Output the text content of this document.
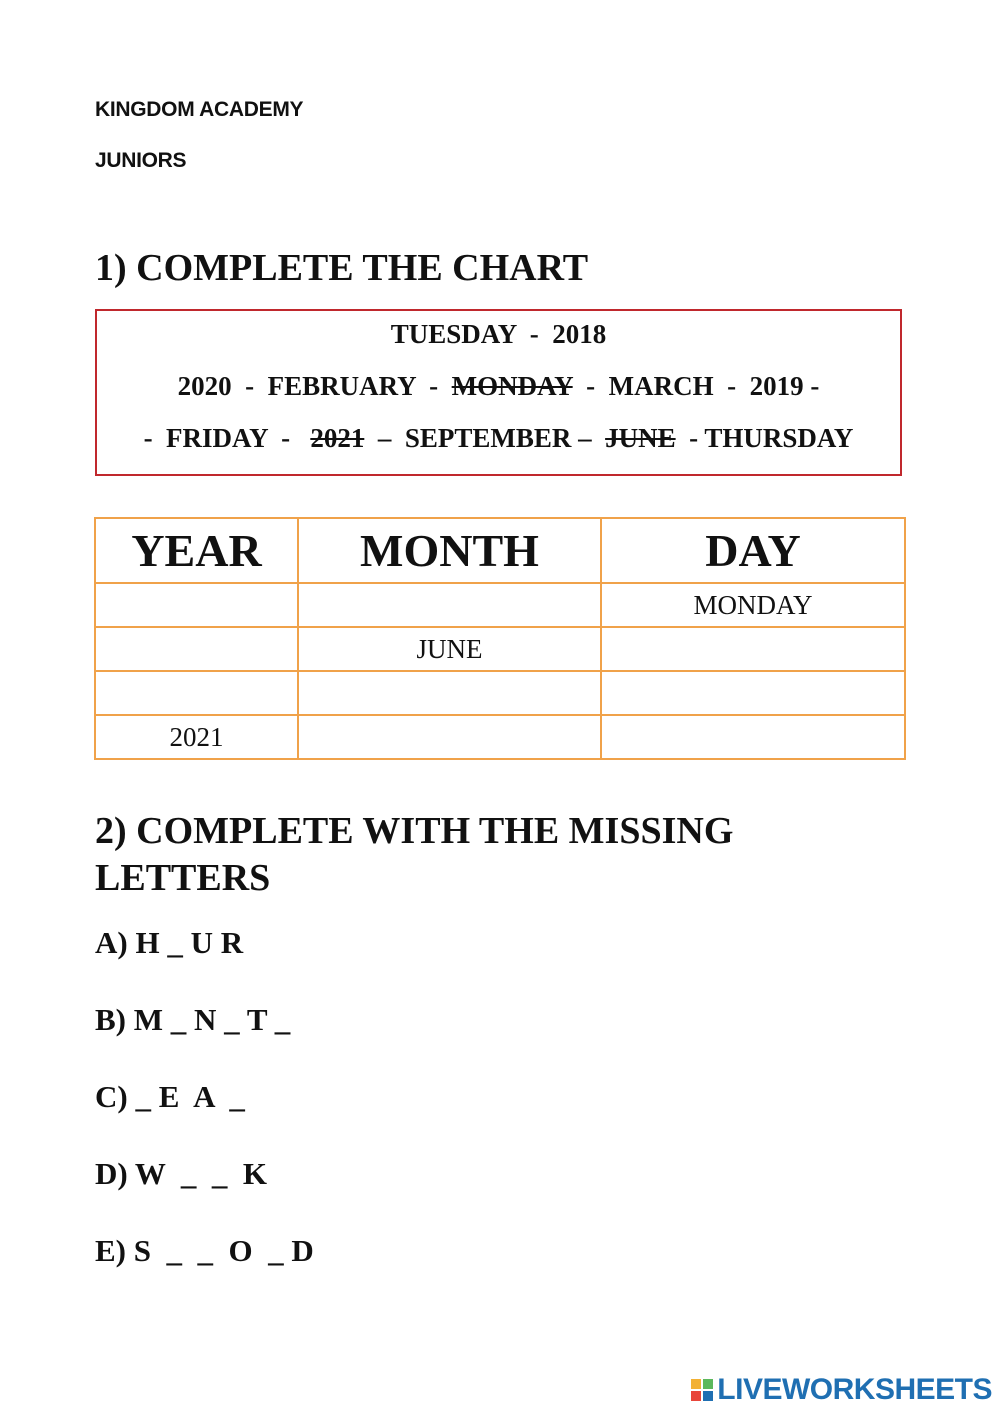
KINGDOM ACADEMY
JUNIORS
1) COMPLETE THE CHART
TUESDAY  -  2018
2020  -  FEBRUARY  -  MONDAY  -  MARCH  -  2019 -
-  FRIDAY  -   2021  –  SEPTEMBER –  JUNE  - THURSDAY
YEAR	MONTH	DAY
		MONDAY
	JUNE	

2021		
2) COMPLETE WITH THE MISSING
LETTERS
A) H _ U R
B) M _ N _ T _
C) _ E  A  _
D) W  _  _  K
E) S  _  _  O  _ D
LIVEWORKSHEETS
